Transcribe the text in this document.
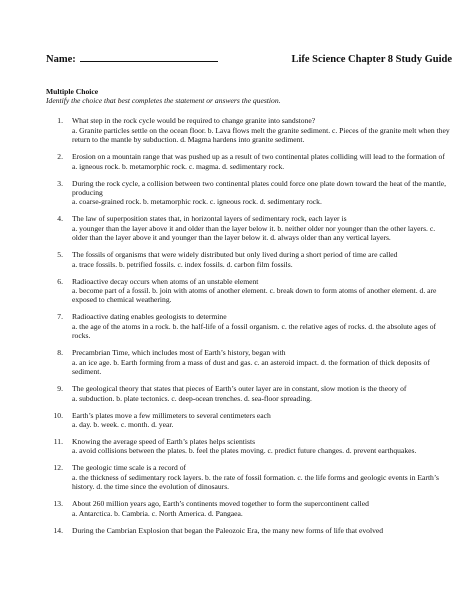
Name:	Life Science Chapter 8 Study Guide
Multiple Choice
Identify the choice that best completes the statement or answers the question.
1.	What step in the rock cycle would be required to change granite into sandstone?
a. Granite particles settle on the ocean floor. b. Lava flows melt the granite sediment. c. Pieces of the granite melt when they return to the mantle by subduction. d. Magma hardens into granite sediment.
2.	Erosion on a mountain range that was pushed up as a result of two continental plates colliding will lead to the formation of
a. igneous rock. b. metamorphic rock. c. magma. d. sedimentary rock.
3.	During the rock cycle, a collision between two continental plates could force one plate down toward the heat of the mantle, producing
a. coarse-grained rock. b. metamorphic rock. c. igneous rock. d. sedimentary rock.
4.	The law of superposition states that, in horizontal layers of sedimentary rock, each layer is
a. younger than the layer above it and older than the layer below it. b. neither older nor younger than the other layers. c. older than the layer above it and younger than the layer below it. d. always older than any vertical layers.
5.	The fossils of organisms that were widely distributed but only lived during a short period of time are called
a. trace fossils. b. petrified fossils. c. index fossils. d. carbon film fossils.
6.	Radioactive decay occurs when atoms of an unstable element
a. become part of a fossil. b. join with atoms of another element. c. break down to form atoms of another element. d. are exposed to chemical weathering.
7.	Radioactive dating enables geologists to determine
a. the age of the atoms in a rock. b. the half-life of a fossil organism. c. the relative ages of rocks. d. the absolute ages of rocks.
8.	Precambrian Time, which includes most of Earth’s history, began with
a. an ice age. b. Earth forming from a mass of dust and gas. c. an asteroid impact. d. the formation of thick deposits of sediment.
9.	The geological theory that states that pieces of Earth’s outer layer are in constant, slow motion is the theory of
a. subduction. b. plate tectonics. c. deep-ocean trenches. d. sea-floor spreading.
10.	Earth’s plates move a few millimeters to several centimeters each
a. day. b. week. c. month. d. year.
11.	Knowing the average speed of Earth’s plates helps scientists
a. avoid collisions between the plates. b. feel the plates moving. c. predict future changes. d. prevent earthquakes.
12.	The geologic time scale is a record of
a. the thickness of sedimentary rock layers. b. the rate of fossil formation. c. the life forms and geologic events in Earth’s history. d. the time since the evolution of dinosaurs.
13.	About 260 million years ago, Earth’s continents moved together to form the supercontinent called
a. Antarctica. b. Cambria. c. North America. d. Pangaea.
14.	During the Cambrian Explosion that began the Paleozoic Era, the many new forms of life that evolved
